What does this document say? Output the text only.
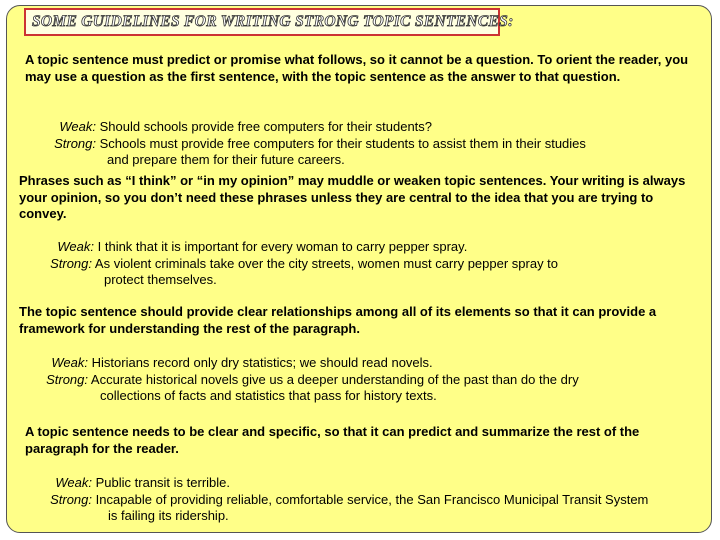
SOME GUIDELINES FOR WRITING STRONG TOPIC SENTENCES:
A topic sentence must predict or promise what follows, so it cannot be a question. To orient the reader, you may use a question as the first sentence, with the topic sentence as the answer to that question.
Weak: Should schools provide free computers for their students?
Strong: Schools must provide free computers for their students to assist them in their studies
and prepare them for their future careers.
Phrases such as “I think” or “in my opinion” may muddle or weaken topic sentences. Your writing is always your opinion, so you don’t need these phrases unless they are central to the idea that you are trying to convey.
Weak: I think that it is important for every woman to carry pepper spray.
Strong: As violent criminals take over the city streets, women must carry pepper spray to
protect themselves.
The topic sentence should provide clear relationships among all of its elements so that it can provide a framework for understanding the rest of the paragraph.
Weak: Historians record only dry statistics; we should read novels.
Strong: Accurate historical novels give us a deeper understanding of the past than do the dry
collections of facts and statistics that pass for history texts.
A topic sentence needs to be clear and specific, so that it can predict and summarize the rest of the paragraph for the reader.
Weak: Public transit is terrible.
Strong: Incapable of providing reliable, comfortable service, the San Francisco Municipal Transit System
is failing its ridership.
